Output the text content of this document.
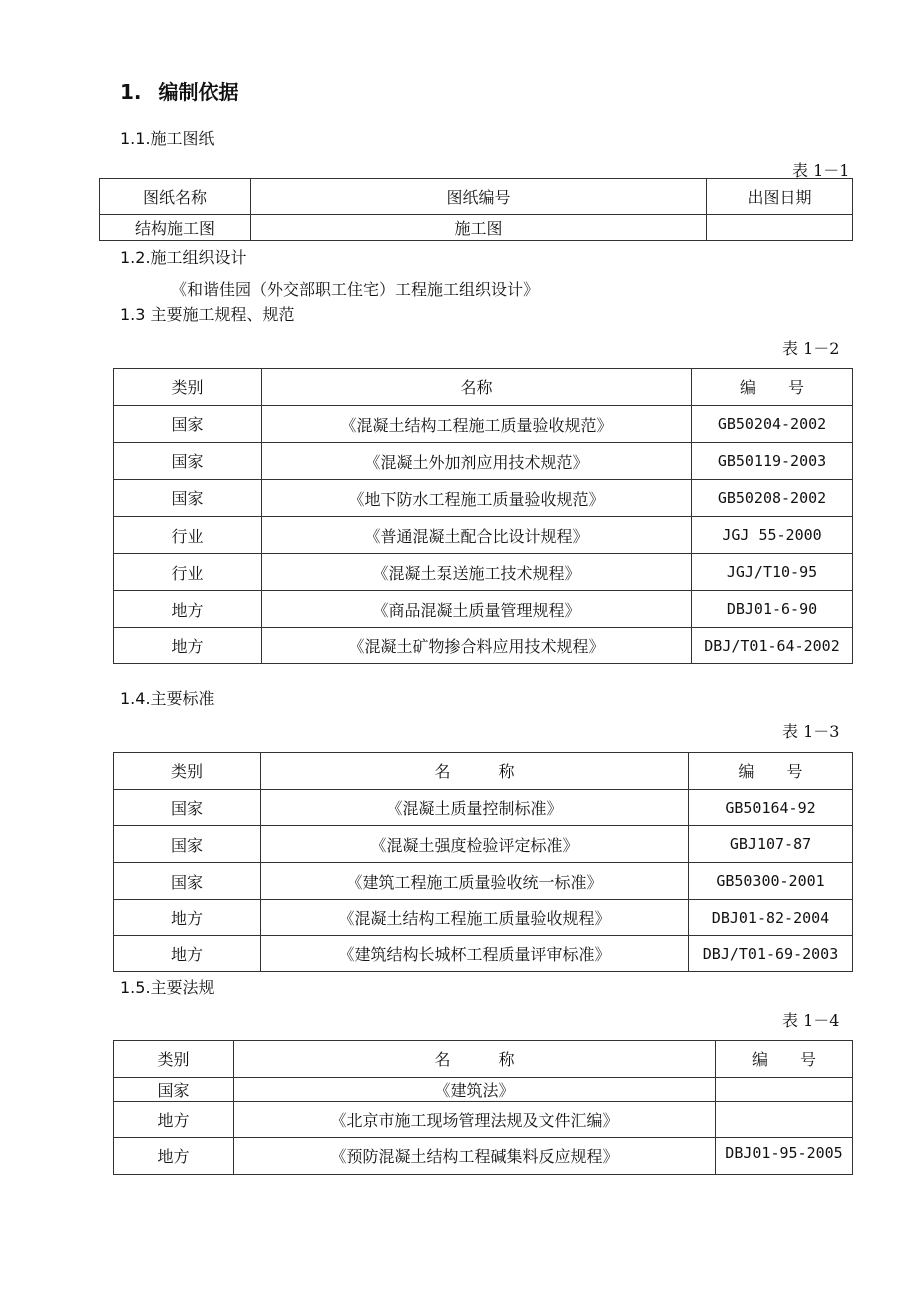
1. 编制依据
1.1.施工图纸
表 1－1
图纸名称	图纸编号	出图日期
结构施工图	施工图	
1.2.施工组织设计
《和谐佳园（外交部职工住宅）工程施工组织设计》
1.3 主要施工规程、规范
表 1－2
类别	名称	编　　号
国家	《混凝土结构工程施工质量验收规范》	GB50204-2002
国家	《混凝土外加剂应用技术规范》	GB50119-2003
国家	《地下防水工程施工质量验收规范》	GB50208-2002
行业	《普通混凝土配合比设计规程》	JGJ 55-2000
行业	《混凝土泵送施工技术规程》	JGJ/T10-95
地方	《商品混凝土质量管理规程》	DBJ01-6-90
地方	《混凝土矿物掺合料应用技术规程》	DBJ/T01-64-2002
1.4.主要标准
表 1－3
类别	名　　　称	编　　号
国家	《混凝土质量控制标准》	GB50164-92
国家	《混凝土强度检验评定标准》	GBJ107-87
国家	《建筑工程施工质量验收统一标准》	GB50300-2001
地方	《混凝土结构工程施工质量验收规程》	DBJ01-82-2004
地方	《建筑结构长城杯工程质量评审标准》	DBJ/T01-69-2003
1.5.主要法规
表 1－4
类别	名　　　称	编　　号
国家	《建筑法》	
地方	《北京市施工现场管理法规及文件汇编》	
地方	《预防混凝土结构工程碱集料反应规程》	DBJ01-95-2005
